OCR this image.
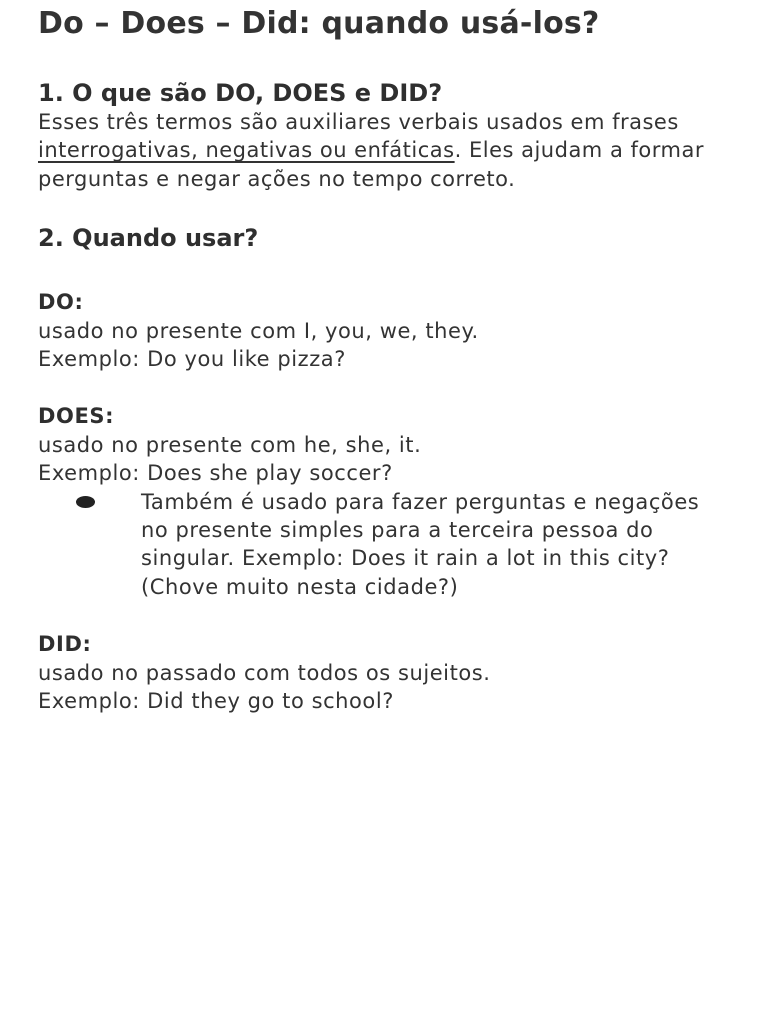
Do – Does – Did: quando usá-los?
1. O que são DO, DOES e DID?

Esses três termos são auxiliares verbais usados em frases interrogativas, negativas ou enfáticas. Eles ajudam a formar perguntas e negar ações no tempo correto.

2. Quando usar?

DO:

usado no presente com I, you, we, they.

Exemplo: Do you like pizza?

DOES:

usado no presente com he, she, it.

Exemplo: Does she play soccer?

Também é usado para fazer perguntas e negações no presente simples para a terceira pessoa do singular. Exemplo: Does it rain a lot in this city? (Chove muito nesta cidade?)

DID:

usado no passado com todos os sujeitos.

Exemplo: Did they go to school?
